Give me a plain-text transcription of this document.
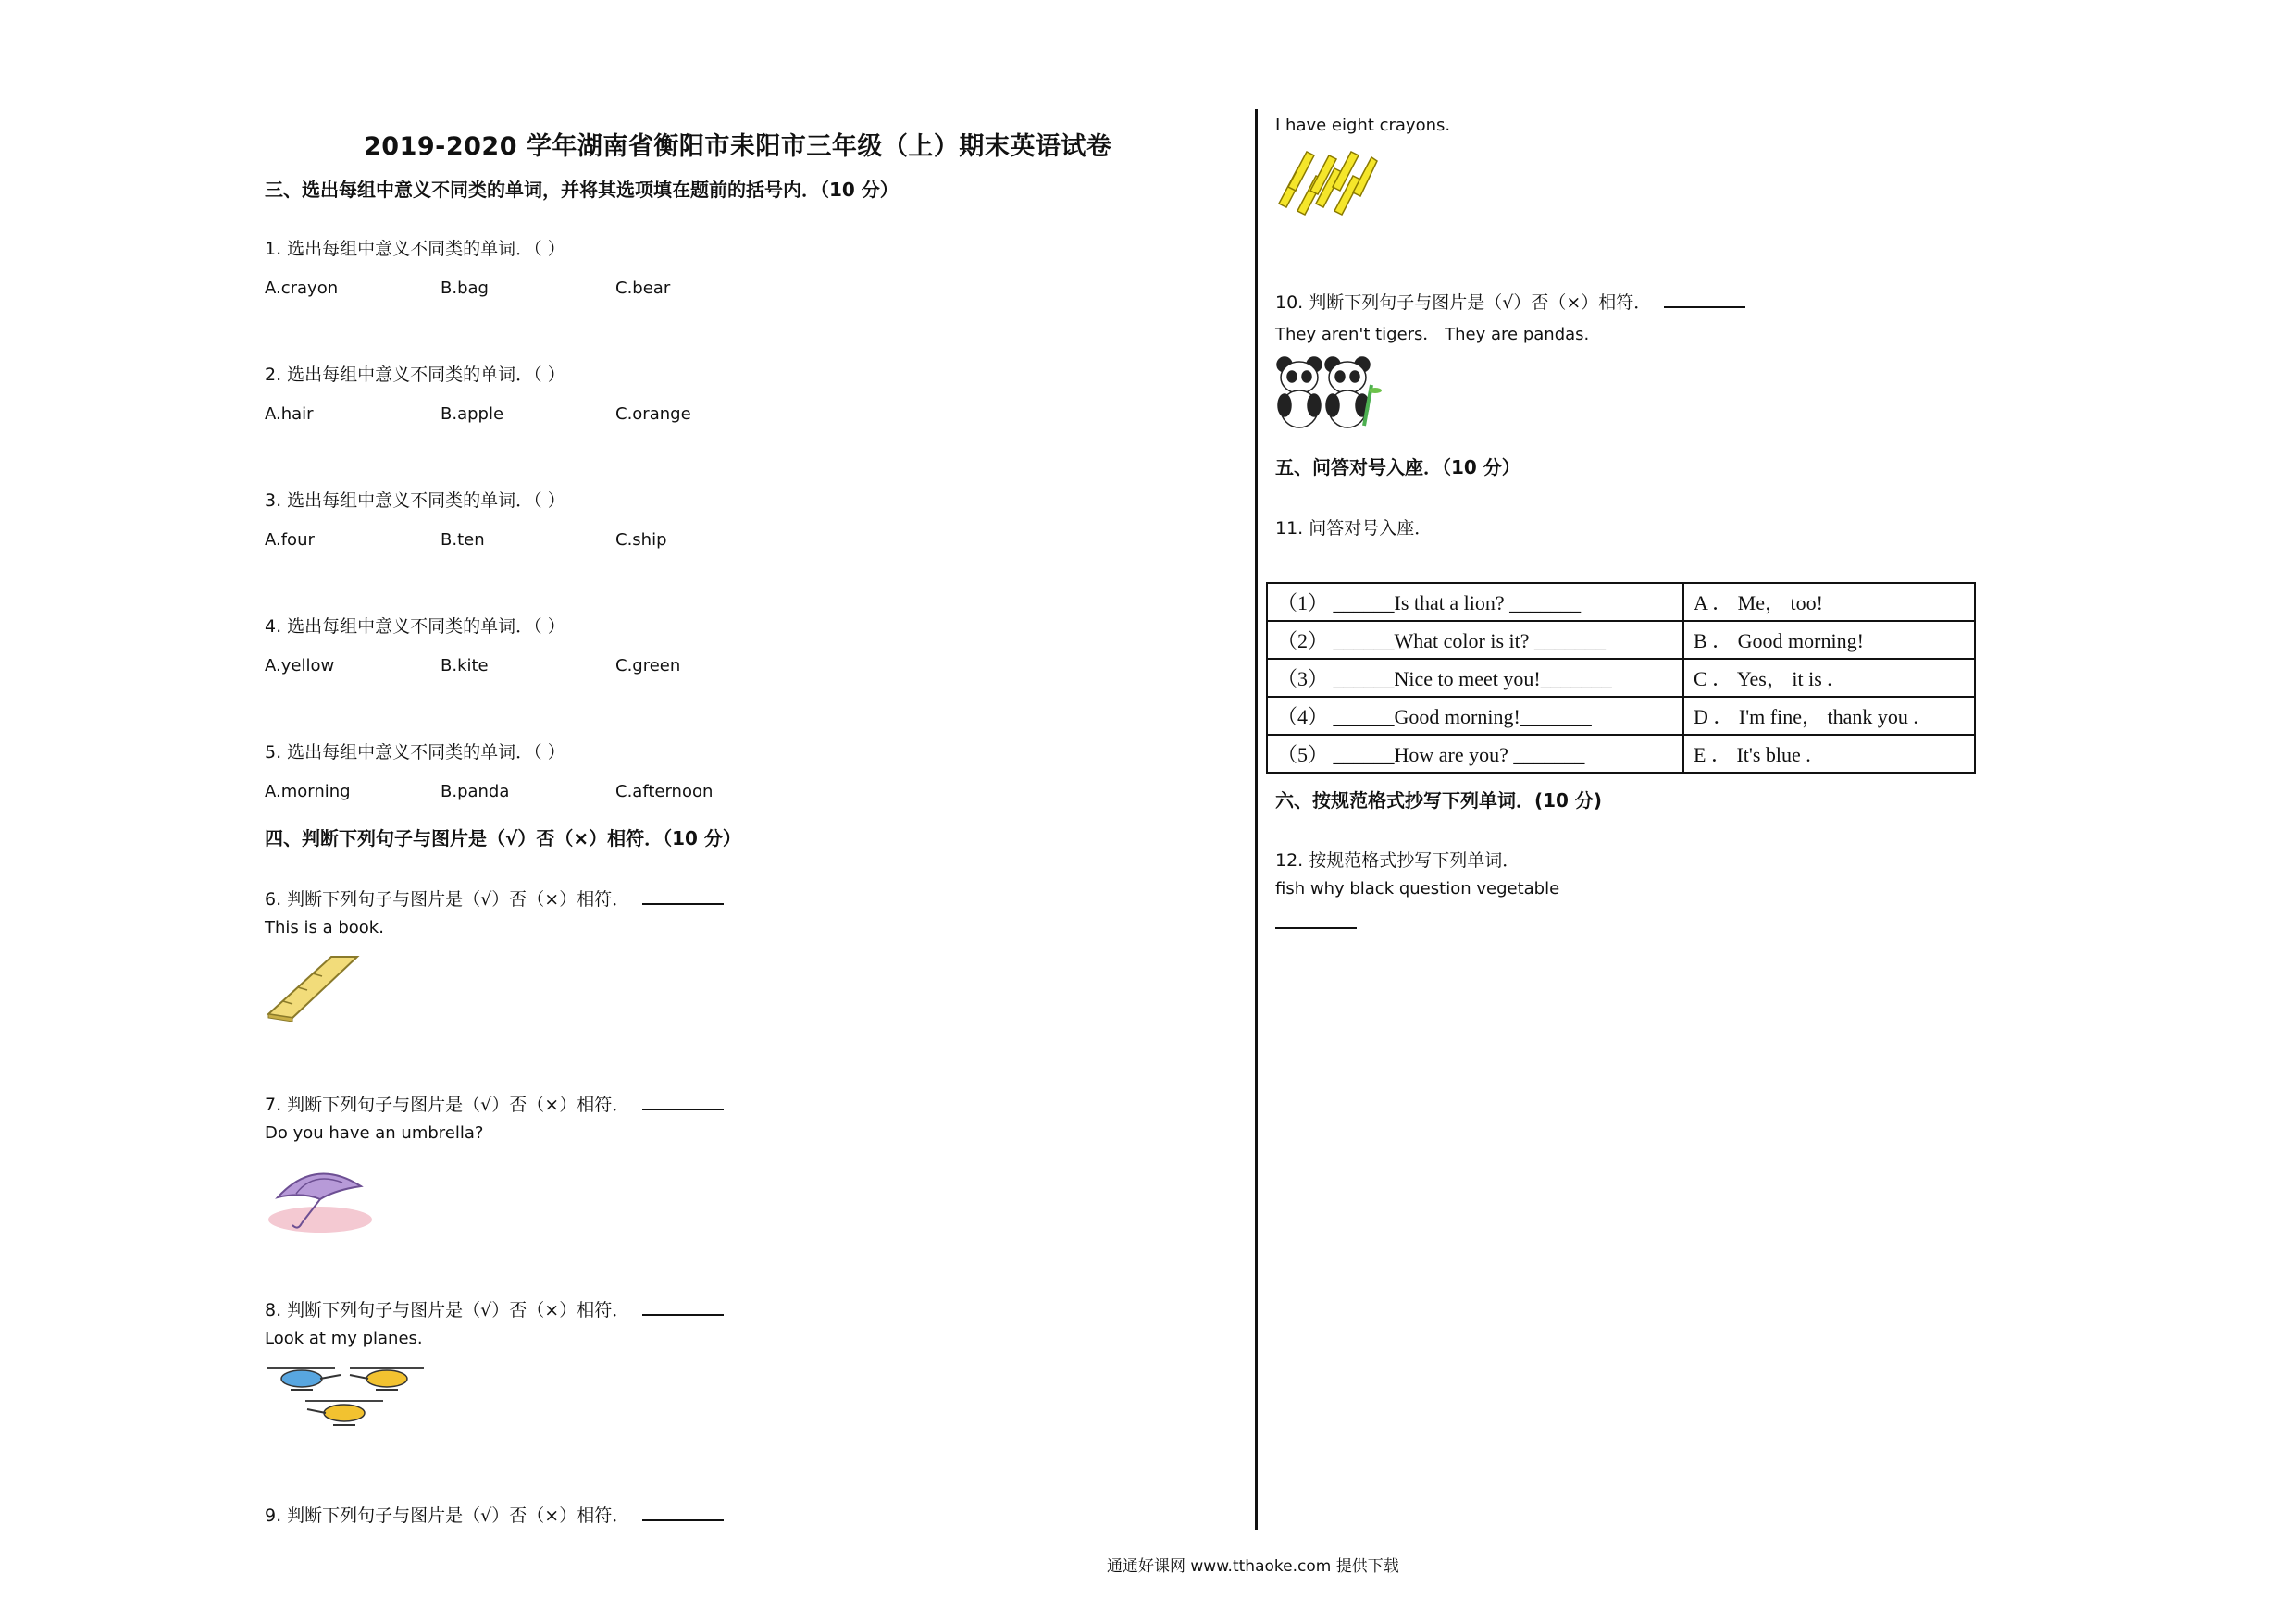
2019-2020 学年湖南省衡阳市耒阳市三年级（上）期末英语试卷
三、选出每组中意义不同类的单词，并将其选项填在题前的括号内．（10 分）
1. 选出每组中意义不同类的单词．（ ）
A.crayon	B.bag	C.bear
2. 选出每组中意义不同类的单词．（ ）
A.hair	B.apple	C.orange
3. 选出每组中意义不同类的单词．（ ）
A.four	B.ten	C.ship
4. 选出每组中意义不同类的单词．（ ）
A.yellow	B.kite	C.green
5. 选出每组中意义不同类的单词．（ ）
A.morning	B.panda	C.afternoon
四、判断下列句子与图片是（√）否（×）相符．（10 分）
6. 判断下列句子与图片是（√）否（×）相符．
This is a book.
7. 判断下列句子与图片是（√）否（×）相符．
Do you have an umbrella?
8. 判断下列句子与图片是（√）否（×）相符．
Look at my planes.
9. 判断下列句子与图片是（√）否（×）相符．
I have eight crayons.
10. 判断下列句子与图片是（√）否（×）相符．
They aren't tigers． They are pandas.
五、问答对号入座．（10 分）
11. 问答对号入座．
（1） ______Is that a lion? _______	A ． Me， too!
（2） ______What color is it? _______	B ． Good morning!
（3） ______Nice to meet you!_______	C ． Yes， it is .
（4） ______Good morning!_______	D ． I'm fine， thank you .
（5） ______How are you? _______	E ． It's blue .
六、按规范格式抄写下列单词．(10 分)
12. 按规范格式抄写下列单词．
fish why black question vegetable
通通好课网 www.tthaoke.com 提供下载
